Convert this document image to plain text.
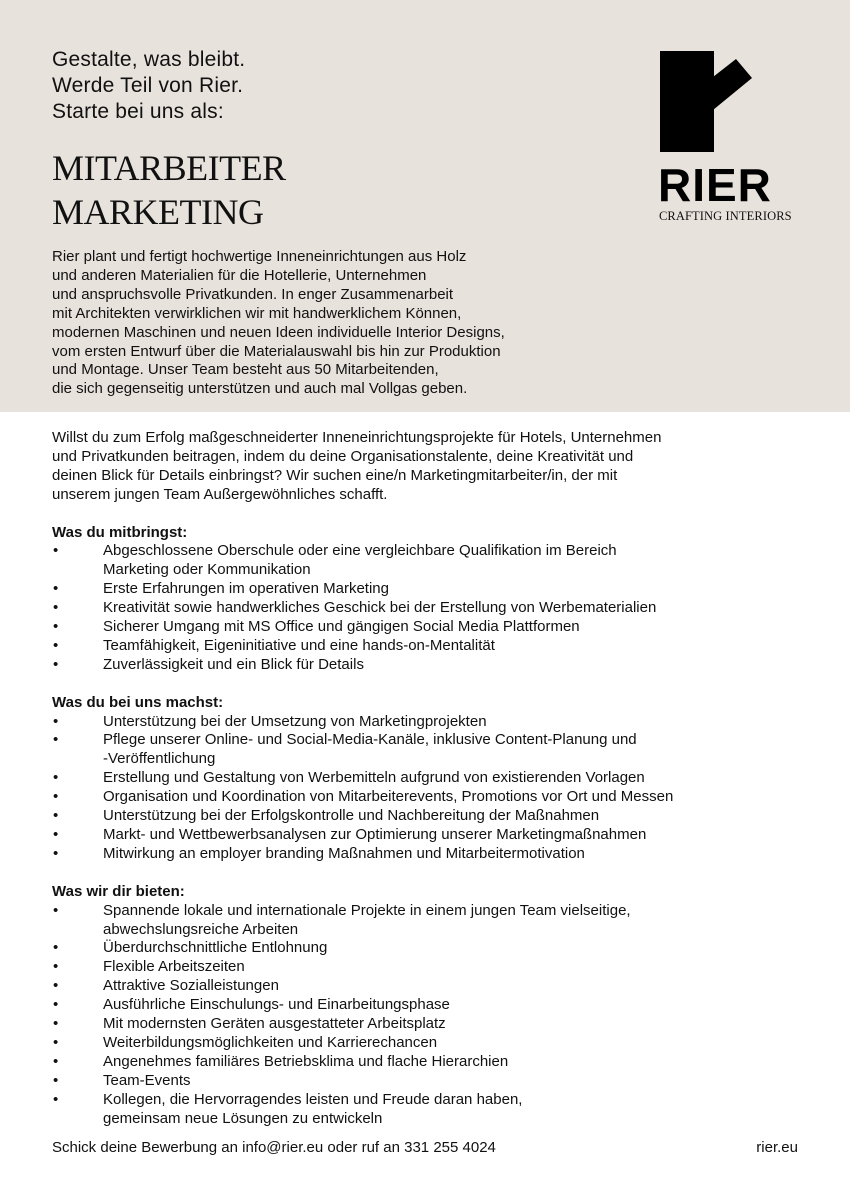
Gestalte, was bleibt.
Werde Teil von Rier.
Starte bei uns als:
MITARBEITER
MARKETING
Rier plant und fertigt hochwertige Inneneinrichtungen aus Holz
und anderen Materialien für die Hotellerie, Unternehmen
und anspruchsvolle Privatkunden. In enger Zusammenarbeit
mit Architekten verwirklichen wir mit handwerklichem Können,
modernen Maschinen und neuen Ideen individuelle Interior Designs,
vom ersten Entwurf über die Materialauswahl bis hin zur Produktion
und Montage. Unser Team besteht aus 50 Mitarbeitenden,
die sich gegenseitig unterstützen und auch mal Vollgas geben.
RIER
CRAFTING INTERIORS
Willst du zum Erfolg maßgeschneiderter Inneneinrichtungsprojekte für Hotels, Unternehmen
und Privatkunden beitragen, indem du deine Organisationstalente, deine Kreativität und
deinen Blick für Details einbringst? Wir suchen eine/n Marketingmitarbeiter/in, der mit
unserem jungen Team Außergewöhnliches schafft.
Was du mitbringst:
•	Abgeschlossene Oberschule oder eine vergleichbare Qualifikation im Bereich
Marketing oder Kommunikation
•	Erste Erfahrungen im operativen Marketing
•	Kreativität sowie handwerkliches Geschick bei der Erstellung von Werbematerialien
•	Sicherer Umgang mit MS Office und gängigen Social Media Plattformen
•	Teamfähigkeit, Eigeninitiative und eine hands-on-Mentalität
•	Zuverlässigkeit und ein Blick für Details
Was du bei uns machst:
•	Unterstützung bei der Umsetzung von Marketingprojekten
•	Pflege unserer Online- und Social-Media-Kanäle, inklusive Content-Planung und
-Veröffentlichung
•	Erstellung und Gestaltung von Werbemitteln aufgrund von existierenden Vorlagen
•	Organisation und Koordination von Mitarbeiterevents, Promotions vor Ort und Messen
•	Unterstützung bei der Erfolgskontrolle und Nachbereitung der Maßnahmen
•	Markt- und Wettbewerbsanalysen zur Optimierung unserer Marketingmaßnahmen
•	Mitwirkung an employer branding Maßnahmen und Mitarbeitermotivation
Was wir dir bieten:
•	Spannende lokale und internationale Projekte in einem jungen Team vielseitige,
abwechslungsreiche Arbeiten
•	Überdurchschnittliche Entlohnung
•	Flexible Arbeitszeiten
•	Attraktive Sozialleistungen
•	Ausführliche Einschulungs- und Einarbeitungsphase
•	Mit modernsten Geräten ausgestatteter Arbeitsplatz
•	Weiterbildungsmöglichkeiten und Karrierechancen
•	Angenehmes familiäres Betriebsklima und flache Hierarchien
•	Team-Events
•	Kollegen, die Hervorragendes leisten und Freude daran haben,
gemeinsam neue Lösungen zu entwickeln
Schick deine Bewerbung an info@rier.eu oder ruf an 331 255 4024	rier.eu
